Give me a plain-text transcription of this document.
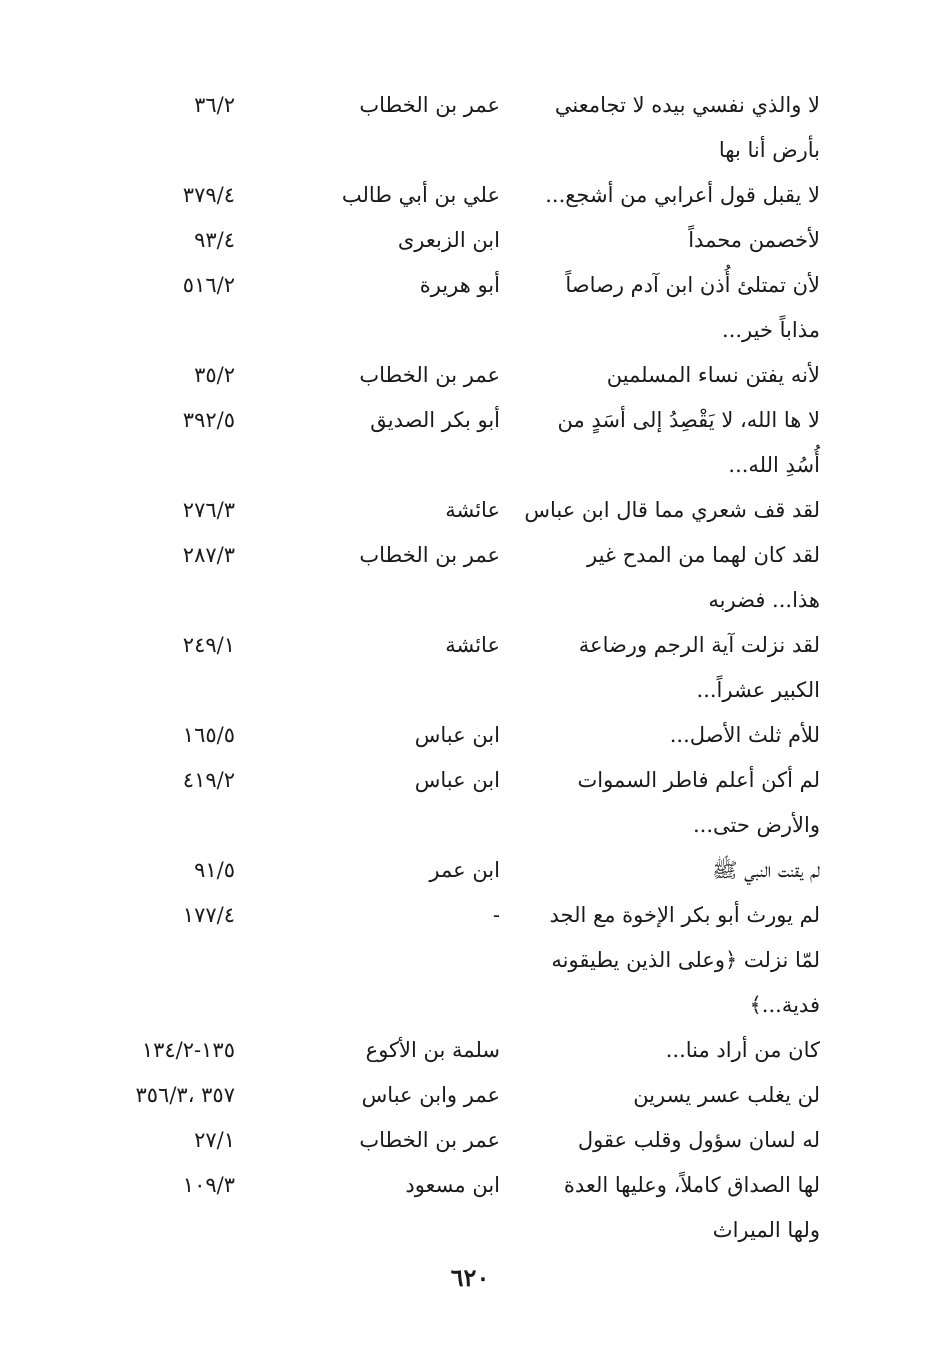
لا والذي نفسي بيده لا تجامعني
بأرض أنا بها
عمر بن الخطاب
٣٦/٢
لا يقبل قول أعرابي من أشجع...
علي بن أبي طالب
٣٧٩/٤
لأخصمن محمداً
ابن الزبعرى
٩٣/٤
لأن تمتلئ أُذن ابن آدم رصاصاً
مذاباً خير...
أبو هريرة
٥١٦/٢
لأنه يفتن نساء المسلمين
عمر بن الخطاب
٣٥/٢
لا ها الله، لا يَقْصِدُ إلى أسَدٍ من
أُسُدِ الله...
أبو بكر الصديق
٣٩٢/٥
لقد قف شعري مما قال ابن عباس
عائشة
٢٧٦/٣
لقد كان لهما من المدح غير
هذا... فضربه
عمر بن الخطاب
٢٨٧/٣
لقد نزلت آية الرجم ورضاعة
الكبير عشراً...
عائشة
٢٤٩/١
للأم ثلث الأصل...
ابن عباس
١٦٥/٥
لم أكن أعلم فاطر السموات
والأرض حتى...
ابن عباس
٤١٩/٢
لم يقنت النبي ﷺ
ابن عمر
٩١/٥
لم يورث أبو بكر الإخوة مع الجد
-
١٧٧/٤
لمّا نزلت ﴿وعلى الذين يطيقونه
فدية...﴾
كان من أراد منا...
سلمة بن الأكوع
١٣٥-١٣٤/٢
لن يغلب عسر يسرين
عمر وابن عباس
٣٥٧ ،٣٥٦/٣
له لسان سؤول وقلب عقول
عمر بن الخطاب
٢٧/١
لها الصداق كاملاً، وعليها العدة
ولها الميراث
ابن مسعود
١٠٩/٣
٦٢٠
